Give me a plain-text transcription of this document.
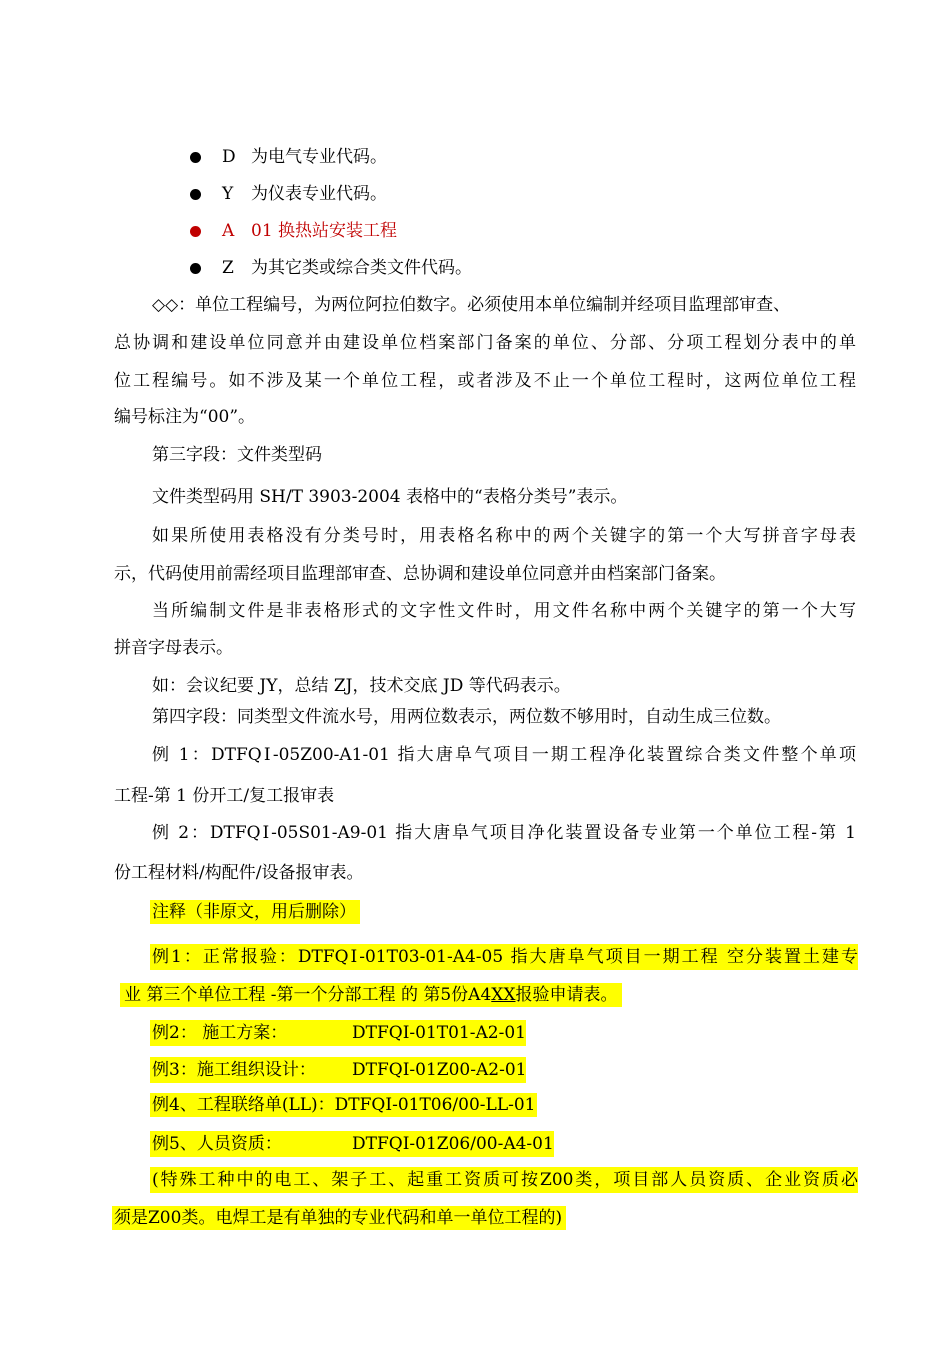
D 为电气专业代码。
Y 为仪表专业代码。
A 01 换热站安装工程
Z 为其它类或综合类文件代码。
◇◇：单位工程编号，为两位阿拉伯数字。必须使用本单位编制并经项目监理部审查、
总协调和建设单位同意并由建设单位档案部门备案的单位、分部、分项工程划分表中的单
位工程编号。如不涉及某一个单位工程，或者涉及不止一个单位工程时，这两位单位工程
编号标注为“00”。
第三字段：文件类型码
文件类型码用 SH/T 3903-2004 表格中的“表格分类号”表示。
如果所使用表格没有分类号时，用表格名称中的两个关键字的第一个大写拼音字母表
示，代码使用前需经项目监理部审查、总协调和建设单位同意并由档案部门备案。
当所编制文件是非表格形式的文字性文件时，用文件名称中两个关键字的第一个大写
拼音字母表示。
如：会议纪要 JY，总结 ZJ，技术交底 JD 等代码表示。
第四字段：同类型文件流水号，用两位数表示，两位数不够用时，自动生成三位数。
例 1：DTFQⅠ-05Z00-A1-01 指大唐阜气项目一期工程净化装置综合类文件整个单项
工程-第 1 份开工/复工报审表
例 2：DTFQⅠ-05S01-A9-01 指大唐阜气项目净化装置设备专业第一个单位工程-第 1
份工程材料/构配件/设备报审表。
注释（非原文，用后删除）
例1：正常报验：DTFQⅠ-01T03-01-A4-05 指大唐阜气项目一期工程 空分装置土建专
业 第三个单位工程 -第一个分部工程 的 第5份A4XX报验申请表。
例2： 施工方案：	DTFQⅠ-01T01-A2-01
例3：施工组织设计： DTFQⅠ-01Z00-A2-01
例4、工程联络单(LL)：DTFQⅠ-01T06/00-LL-01
例5、人员资质：	DTFQⅠ-01Z06/00-A4-01
(特殊工种中的电工、架子工、起重工资质可按Z00类，项目部人员资质、企业资质必
须是Z00类。电焊工是有单独的专业代码和单一单位工程的)
